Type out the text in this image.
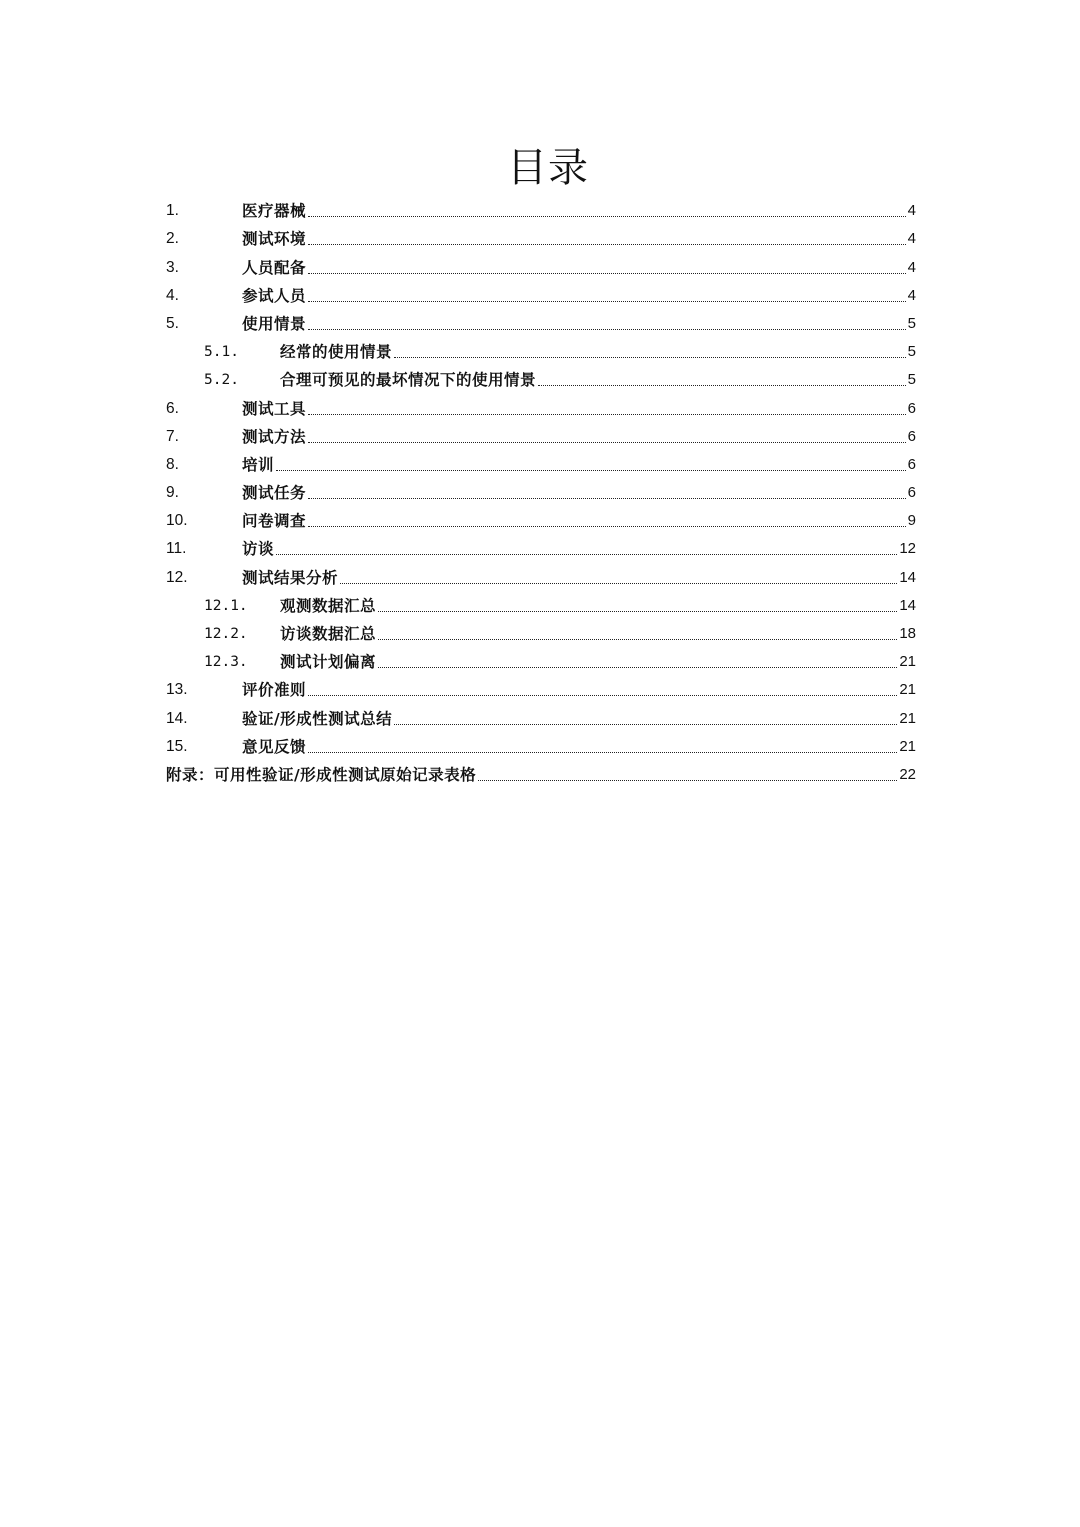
目录
1.	医疗器械	4
2.	测试环境	4
3.	人员配备	4
4.	参试人员	4
5.	使用情景	5
5.1.	经常的使用情景	5
5.2.	合理可预见的最坏情况下的使用情景	5
6.	测试工具	6
7.	测试方法	6
8.	培训	6
9.	测试任务	6
10.	问卷调查	9
11.	访谈	12
12.	测试结果分析	14
12.1.	观测数据汇总	14
12.2.	访谈数据汇总	18
12.3.	测试计划偏离	21
13.	评价准则	21
14.	验证/形成性测试总结	21
15.	意见反馈	21
附录：可用性验证/形成性测试原始记录表格	22
